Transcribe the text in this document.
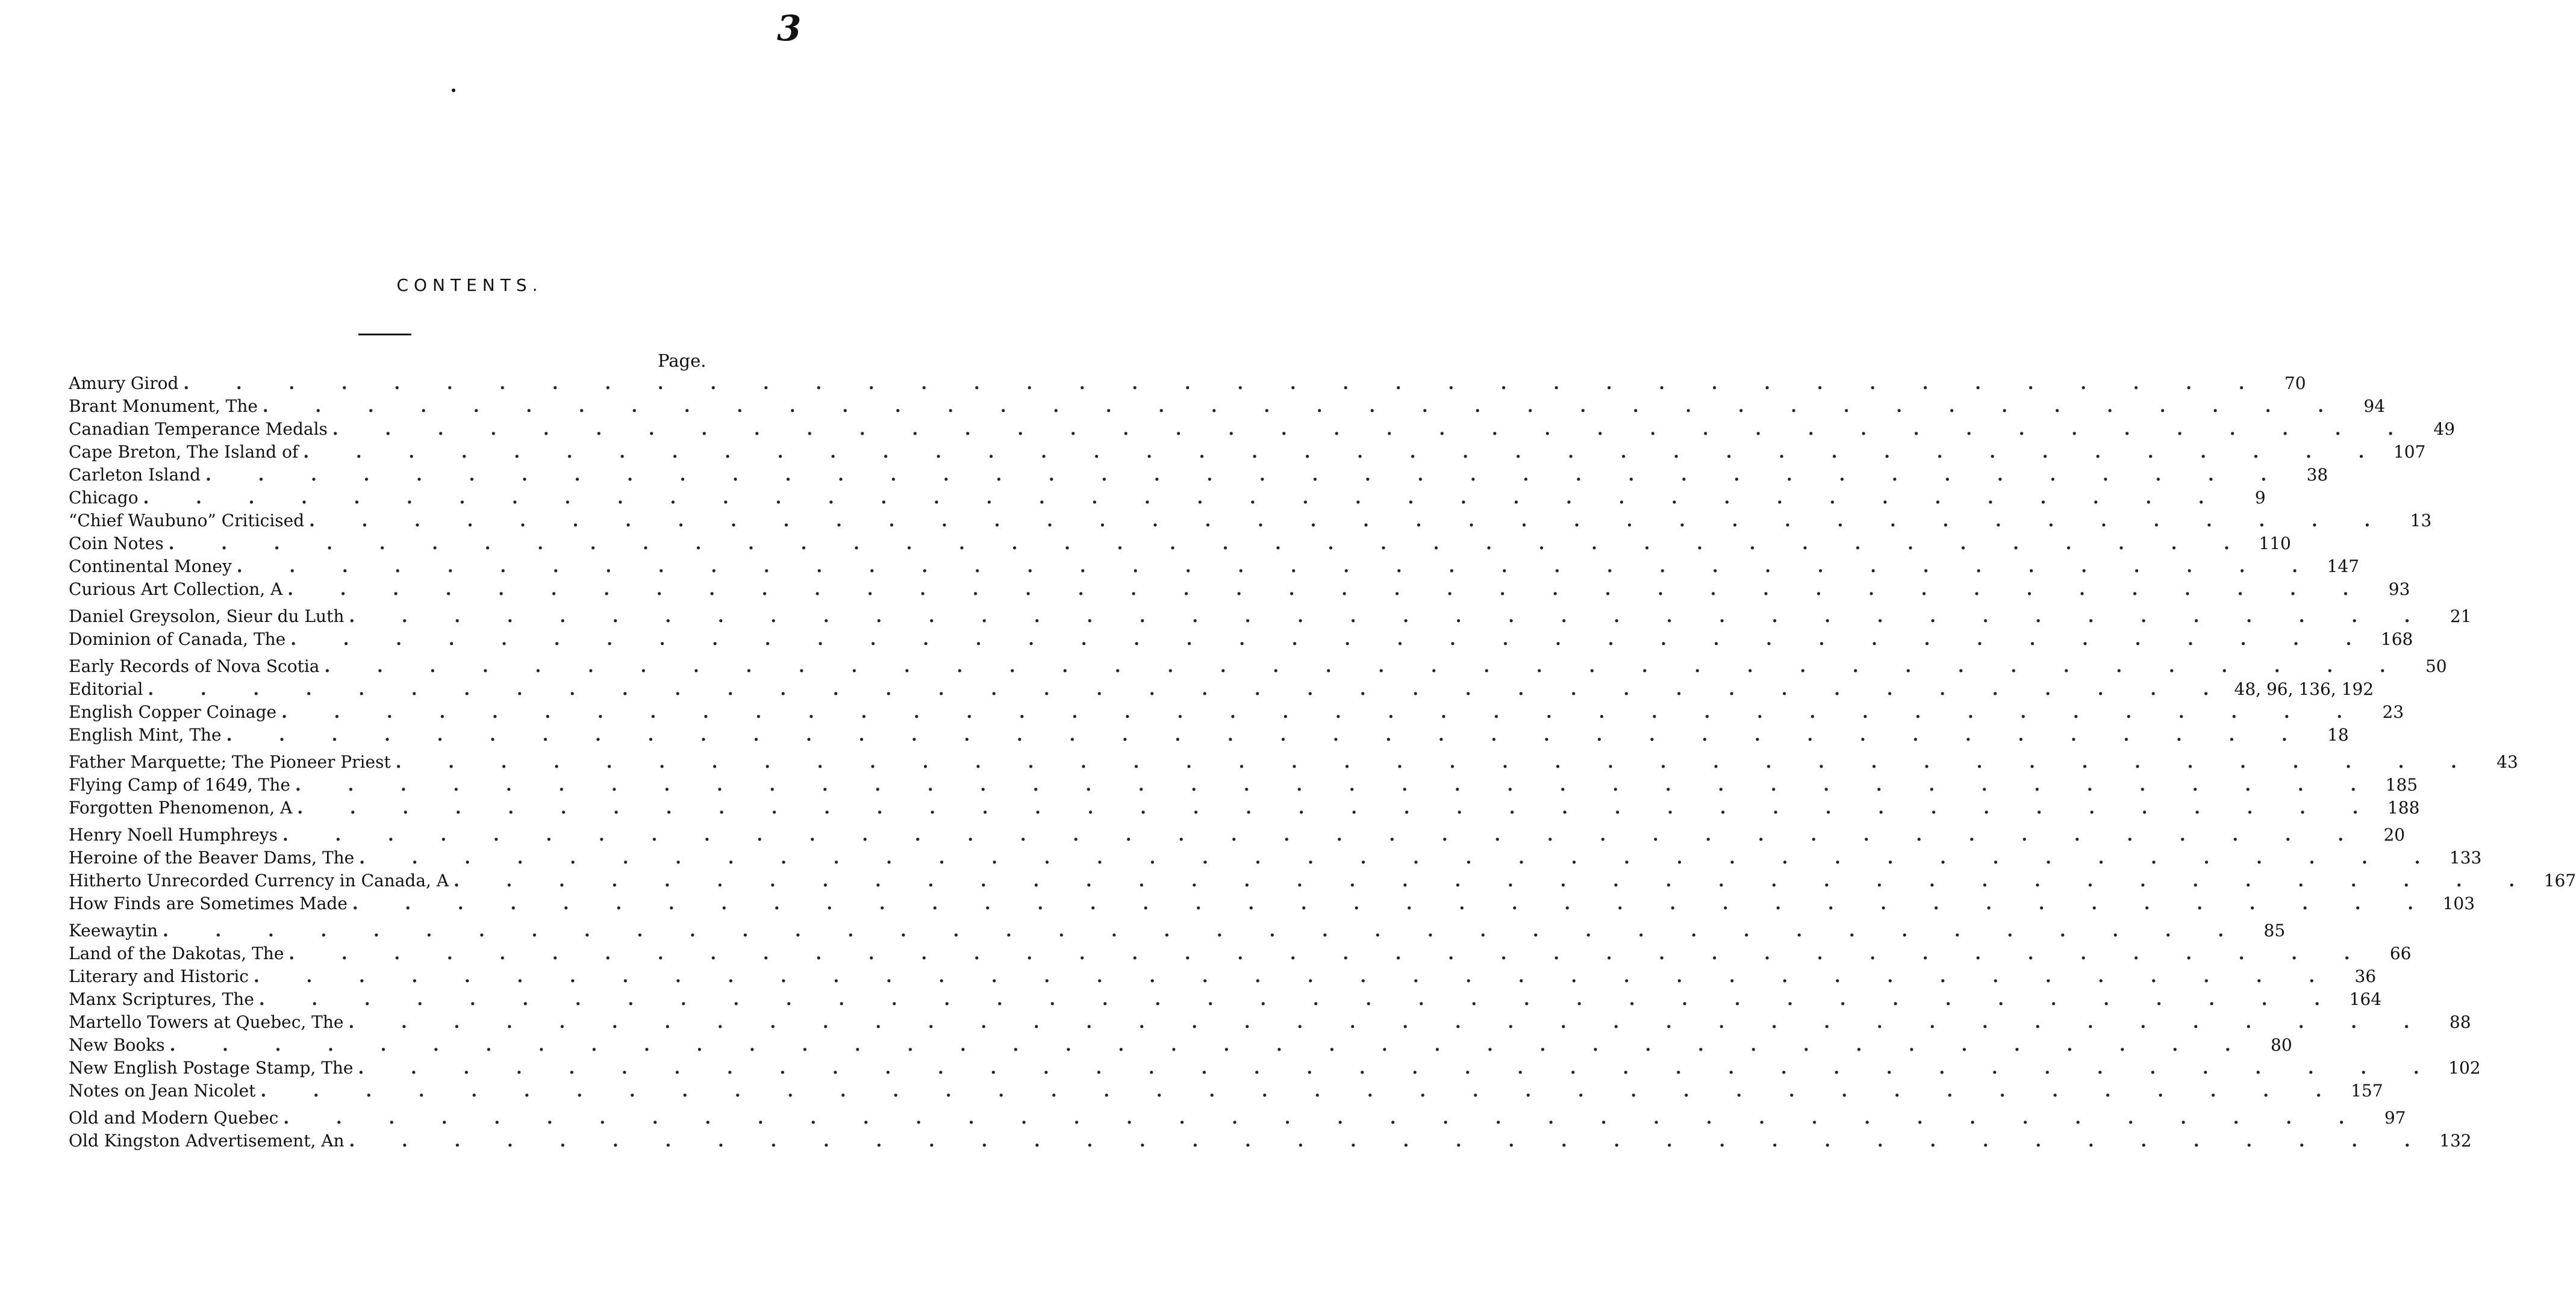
3
CONTENTS.
Page.
Amury Girod . . . . . . . . . . . . . . . . . . . . . . . . . . . . . . . . . . . . . . . .	70
Brant Monument, The . . . . . . . . . . . . . . . . . . . . . . . . . . . . . . . . . . . . . . . .	94
Canadian Temperance Medals . . . . . . . . . . . . . . . . . . . . . . . . . . . . . . . . . . . . . . . .	49
Cape Breton, The Island of . . . . . . . . . . . . . . . . . . . . . . . . . . . . . . . . . . . . . . . . 107
Carleton Island . . . . . . . . . . . . . . . . . . . . . . . . . . . . . . . . . . . . . . . .	38
Chicago . . . . . . . . . . . . . . . . . . . . . . . . . . . . . . . . . . . . . . . .	9
“Chief Waubuno” Criticised . . . . . . . . . . . . . . . . . . . . . . . . . . . . . . . . . . . . . . . .	13
Coin Notes . . . . . . . . . . . . . . . . . . . . . . . . . . . . . . . . . . . . . . . . 110
Continental Money . . . . . . . . . . . . . . . . . . . . . . . . . . . . . . . . . . . . . . . . 147
Curious Art Collection, A . . . . . . . . . . . . . . . . . . . . . . . . . . . . . . . . . . . . . . . .	93
Daniel Greysolon, Sieur du Luth . . . . . . . . . . . . . . . . . . . . . . . . . . . . . . . . . . . . . . . .	21
Dominion of Canada, The . . . . . . . . . . . . . . . . . . . . . . . . . . . . . . . . . . . . . . . . 168
Early Records of Nova Scotia . . . . . . . . . . . . . . . . . . . . . . . . . . . . . . . . . . . . . . . .	50
Editorial . . . . . . . . . . . . . . . . . . . . . . . . . . . . . . . . . . . . . . . . 48, 96, 136, 192
English Copper Coinage . . . . . . . . . . . . . . . . . . . . . . . . . . . . . . . . . . . . . . . .	23
English Mint, The . . . . . . . . . . . . . . . . . . . . . . . . . . . . . . . . . . . . . . . .	18
Father Marquette; The Pioneer Priest . . . . . . . . . . . . . . . . . . . . . . . . . . . . . . . . . . . . . . . .	43
Flying Camp of 1649, The . . . . . . . . . . . . . . . . . . . . . . . . . . . . . . . . . . . . . . . . 185
Forgotten Phenomenon, A . . . . . . . . . . . . . . . . . . . . . . . . . . . . . . . . . . . . . . . . 188
Henry Noell Humphreys . . . . . . . . . . . . . . . . . . . . . . . . . . . . . . . . . . . . . . . .	20
Heroine of the Beaver Dams, The . . . . . . . . . . . . . . . . . . . . . . . . . . . . . . . . . . . . . . . . 133
Hitherto Unrecorded Currency in Canada, A . . . . . . . . . . . . . . . . . . . . . . . . . . . . . . . . . . . . . . . . 167
How Finds are Sometimes Made . . . . . . . . . . . . . . . . . . . . . . . . . . . . . . . . . . . . . . . . 103
Keewaytin . . . . . . . . . . . . . . . . . . . . . . . . . . . . . . . . . . . . . . . .	85
Land of the Dakotas, The . . . . . . . . . . . . . . . . . . . . . . . . . . . . . . . . . . . . . . . .	66
Literary and Historic . . . . . . . . . . . . . . . . . . . . . . . . . . . . . . . . . . . . . . . .	36
Manx Scriptures, The . . . . . . . . . . . . . . . . . . . . . . . . . . . . . . . . . . . . . . . . 164
Martello Towers at Quebec, The . . . . . . . . . . . . . . . . . . . . . . . . . . . . . . . . . . . . . . . .	88
New Books . . . . . . . . . . . . . . . . . . . . . . . . . . . . . . . . . . . . . . . .	80
New English Postage Stamp, The . . . . . . . . . . . . . . . . . . . . . . . . . . . . . . . . . . . . . . . . 102
Notes on Jean Nicolet . . . . . . . . . . . . . . . . . . . . . . . . . . . . . . . . . . . . . . . . 157
Old and Modern Quebec . . . . . . . . . . . . . . . . . . . . . . . . . . . . . . . . . . . . . . . .	97
Old Kingston Advertisement, An . . . . . . . . . . . . . . . . . . . . . . . . . . . . . . . . . . . . . . . . 132
